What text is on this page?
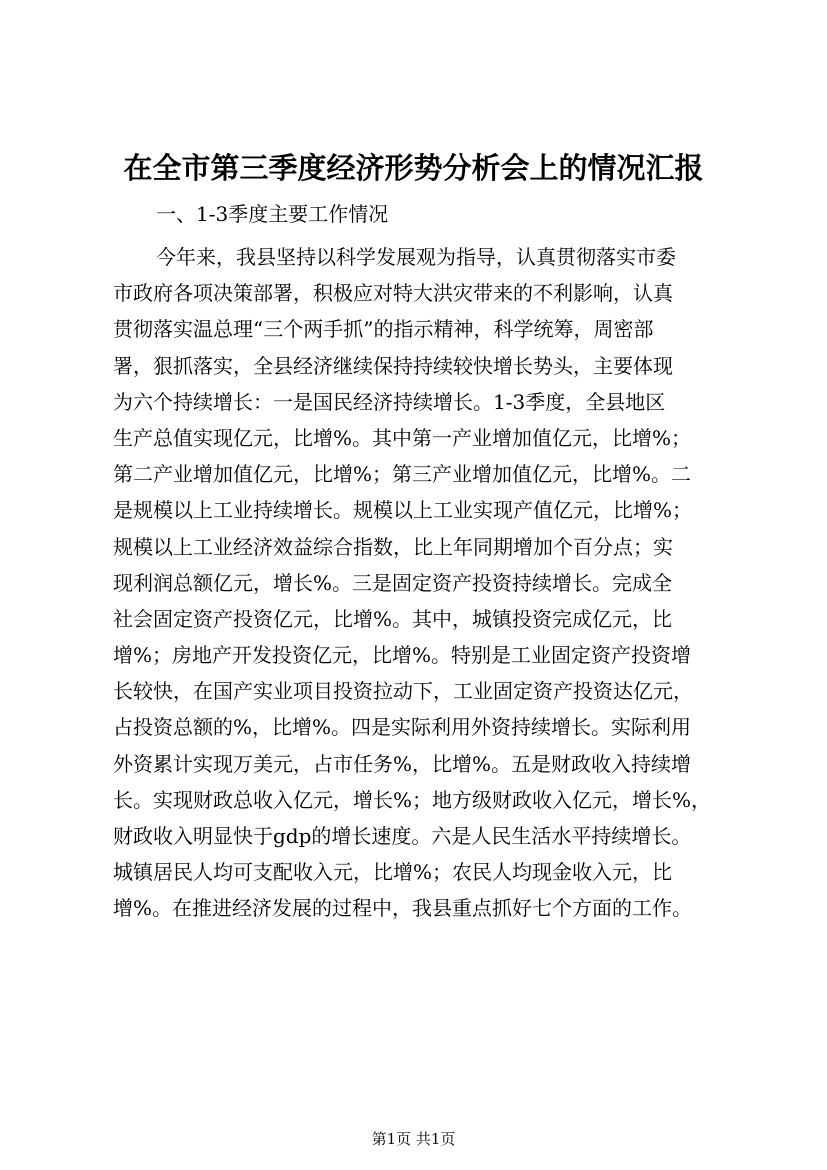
在全市第三季度经济形势分析会上的情况汇报

一、1-3季度主要工作情况

今年来，我县坚持以科学发展观为指导，认真贯彻落实市委
市政府各项决策部署，积极应对特大洪灾带来的不利影响，认真
贯彻落实温总理“三个两手抓”的指示精神，科学统筹，周密部
署，狠抓落实，全县经济继续保持持续较快增长势头，主要体现
为六个持续增长：一是国民经济持续增长。1-3季度，全县地区
生产总值实现亿元，比增%。其中第一产业增加值亿元，比增%；
第二产业增加值亿元，比增%；第三产业增加值亿元，比增%。二
是规模以上工业持续增长。规模以上工业实现产值亿元，比增%；
规模以上工业经济效益综合指数，比上年同期增加个百分点；实
现利润总额亿元，增长%。三是固定资产投资持续增长。完成全
社会固定资产投资亿元，比增%。其中，城镇投资完成亿元，比
增%；房地产开发投资亿元，比增%。特别是工业固定资产投资增
长较快，在国产实业项目投资拉动下，工业固定资产投资达亿元，
占投资总额的%，比增%。四是实际利用外资持续增长。实际利用
外资累计实现万美元，占市任务%，比增%。五是财政收入持续增
长。实现财政总收入亿元，增长%；地方级财政收入亿元，增长%，
财政收入明显快于gdp的增长速度。六是人民生活水平持续增长。
城镇居民人均可支配收入元，比增%；农民人均现金收入元，比
增%。在推进经济发展的过程中，我县重点抓好七个方面的工作。
第1页 共1页
